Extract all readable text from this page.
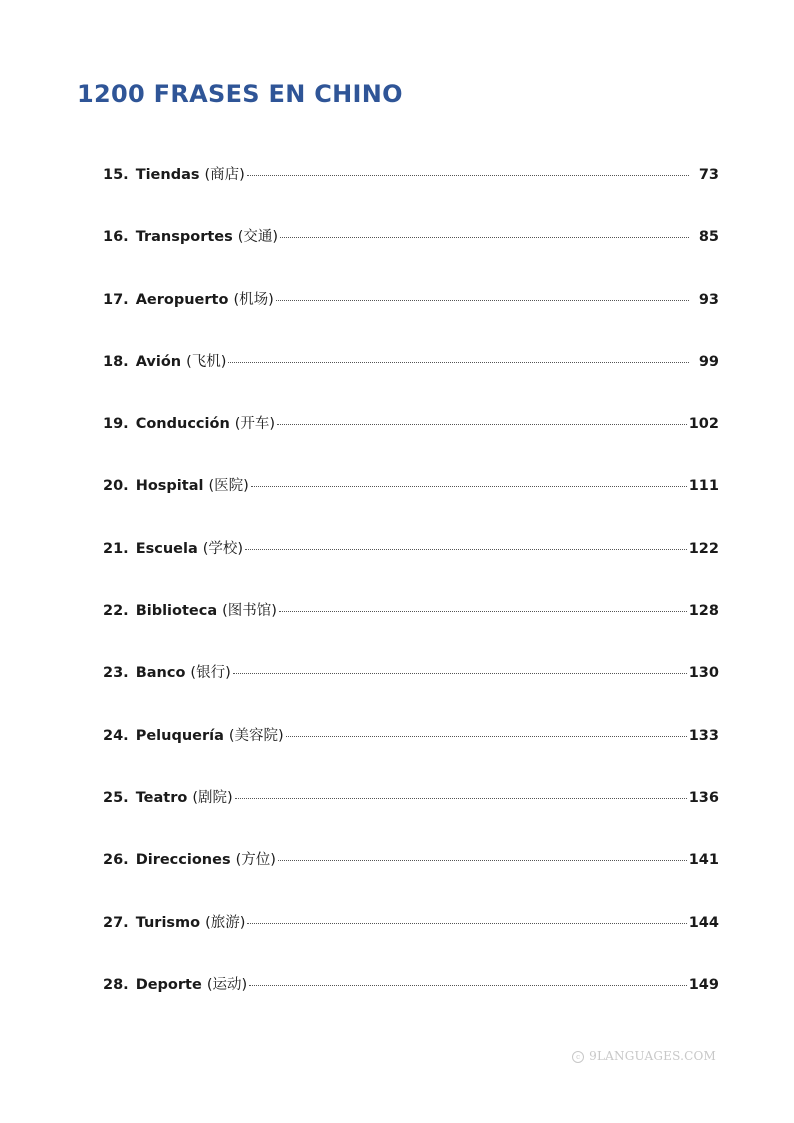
1200 FRASES EN CHINO
15. Tiendas (商店)	73
16. Transportes (交通)	85
17. Aeropuerto (机场)	93
18. Avión (飞机)	99
19. Conducción (开车)	102
20. Hospital (医院)	111
21. Escuela (学校)	122
22. Biblioteca (图书馆)	128
23. Banco (银行)	130
24. Peluquería (美容院)	133
25. Teatro (剧院)	136
26. Direcciones (方位)	141
27. Turismo (旅游)	144
28. Deporte (运动)	149
c 9LANGUAGES.COM
